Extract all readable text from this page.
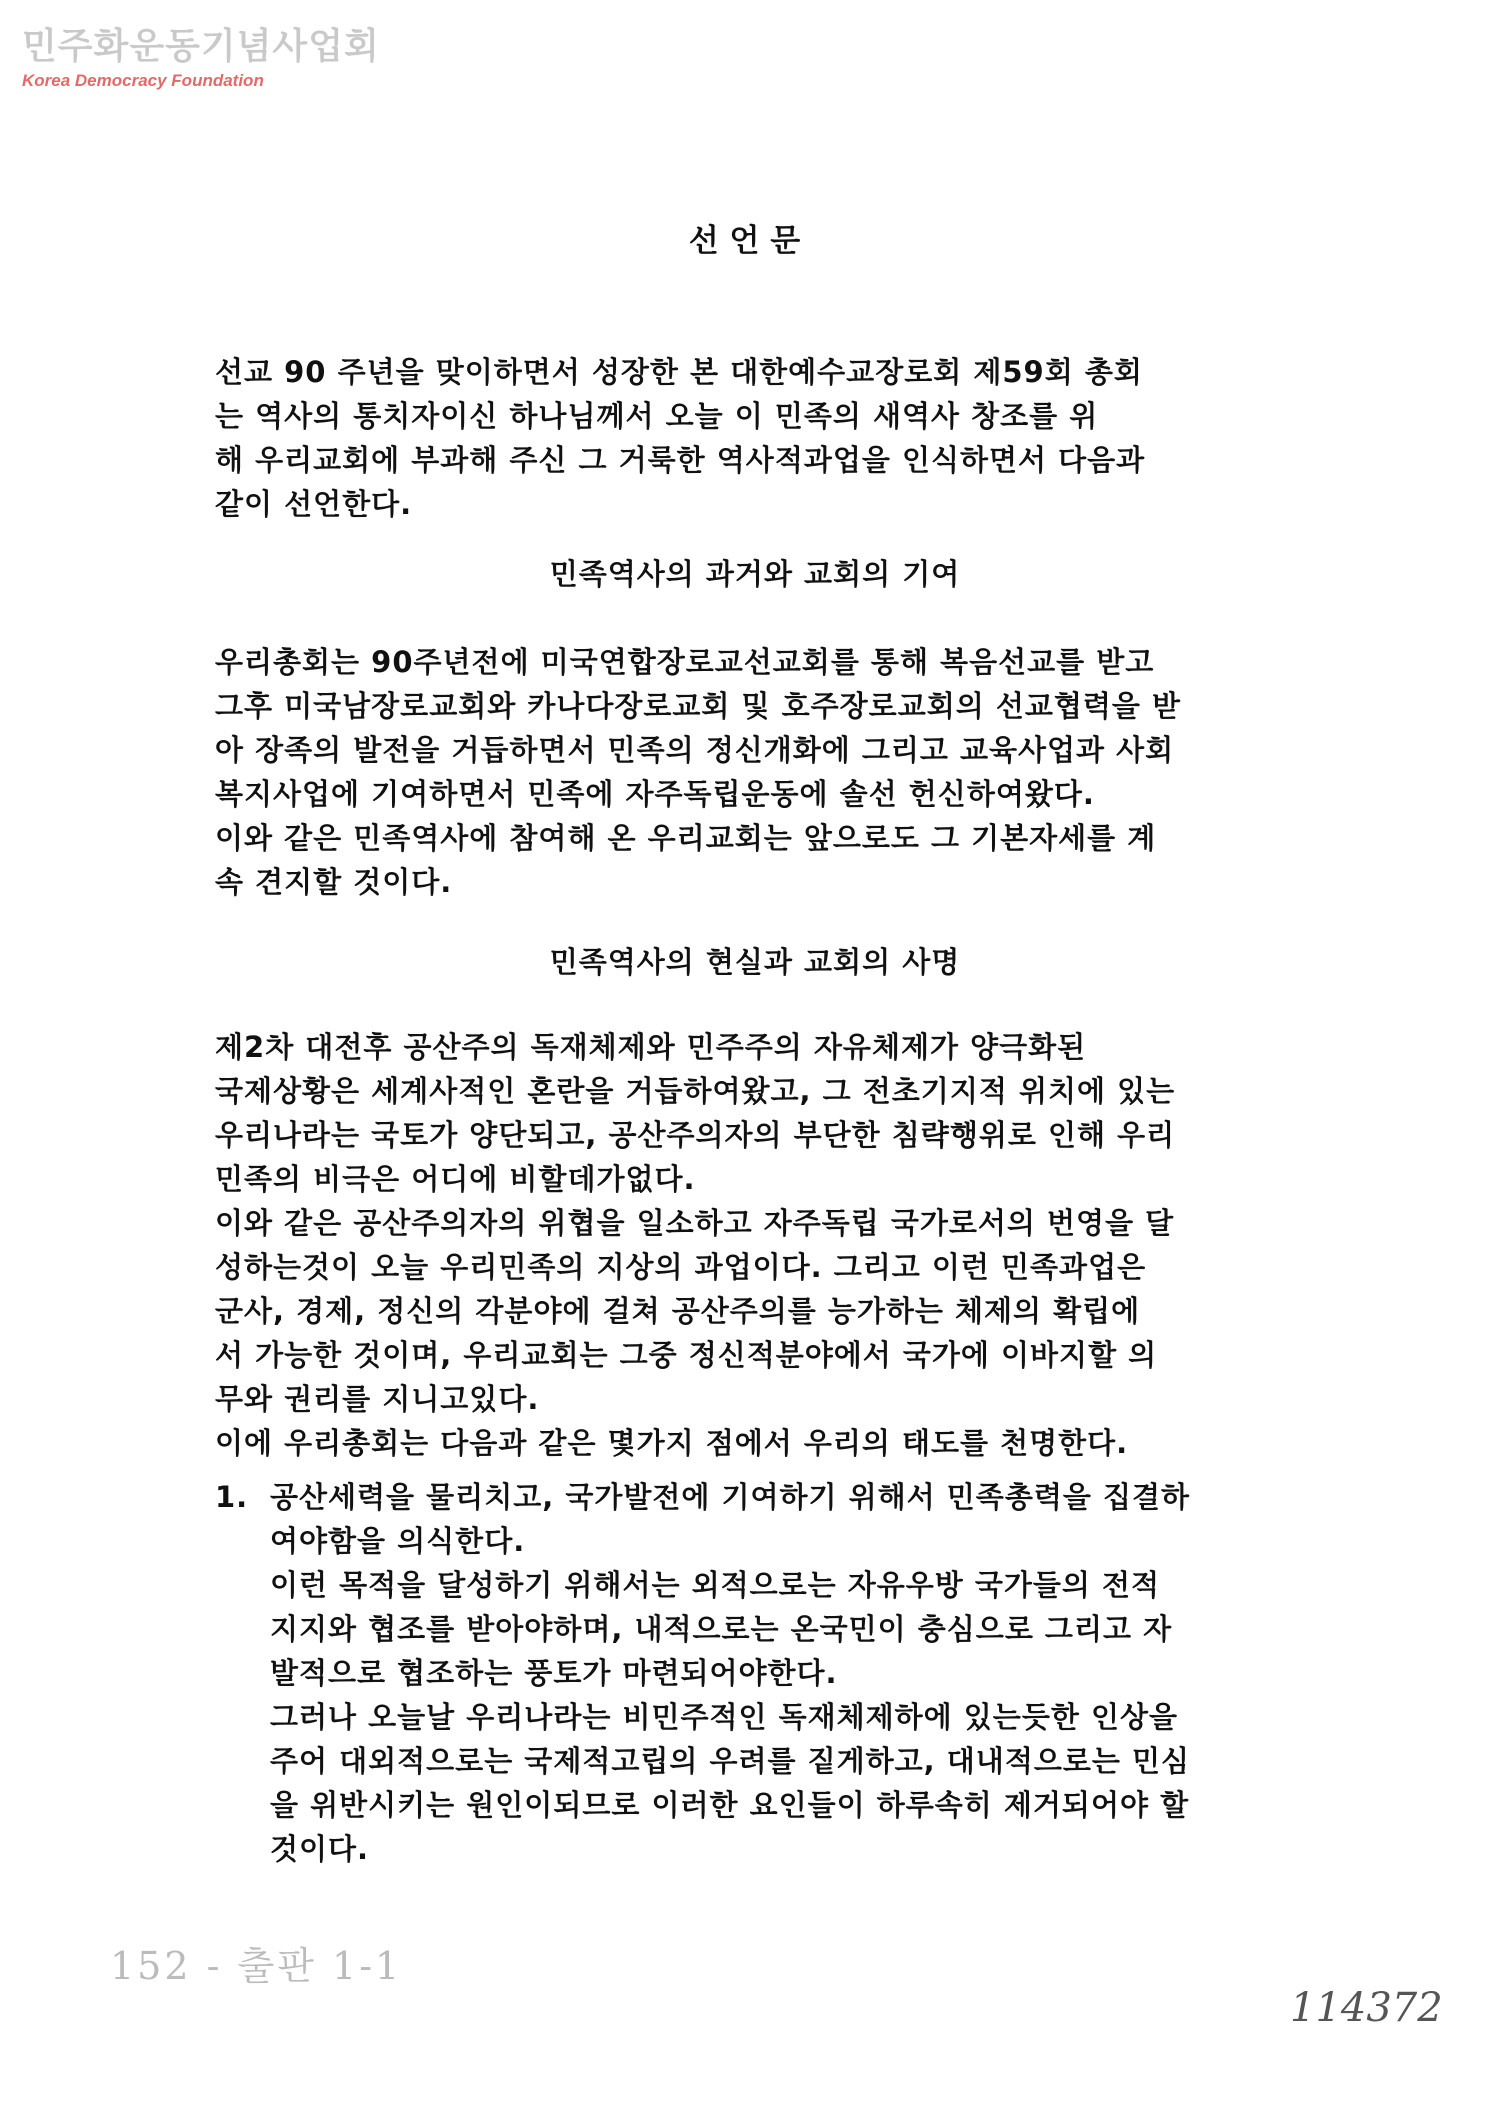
민주화운동기념사업회
Korea Democracy Foundation
선 언 문

선교 90 주년을 맞이하면서 성장한 본 대한예수교장로회 제59회 총회

는 역사의 통치자이신 하나님께서 오늘 이 민족의 새역사 창조를 위

해 우리교회에 부과해 주신 그 거룩한 역사적과업을 인식하면서 다음과

같이 선언한다.

민족역사의 과거와 교회의 기여

우리총회는 90주년전에 미국연합장로교선교회를 통해 복음선교를 받고

그후 미국남장로교회와 카나다장로교회 및 호주장로교회의 선교협력을 받

아 장족의 발전을 거듭하면서 민족의 정신개화에 그리고 교육사업과 사회

복지사업에 기여하면서 민족에 자주독립운동에 솔선 헌신하여왔다.

이와 같은 민족역사에 참여해 온 우리교회는 앞으로도 그 기본자세를 계

속 견지할 것이다.

민족역사의 현실과 교회의 사명

제2차 대전후 공산주의 독재체제와 민주주의 자유체제가 양극화된

국제상황은 세계사적인 혼란을 거듭하여왔고, 그 전초기지적 위치에 있는

우리나라는 국토가 양단되고, 공산주의자의 부단한 침략행위로 인해 우리

민족의 비극은 어디에 비할데가없다.

이와 같은 공산주의자의 위협을 일소하고 자주독립 국가로서의 번영을 달

성하는것이 오늘 우리민족의 지상의 과업이다. 그리고 이런 민족과업은

군사, 경제, 정신의 각분야에 걸쳐 공산주의를 능가하는 체제의 확립에

서 가능한 것이며, 우리교회는 그중 정신적분야에서 국가에 이바지할 의

무와 권리를 지니고있다.

이에 우리총회는 다음과 같은 몇가지 점에서 우리의 태도를 천명한다.

1. 공산세력을 물리치고, 국가발전에 기여하기 위해서 민족총력을 집결하

여야함을 의식한다.

이런 목적을 달성하기 위해서는 외적으로는 자유우방 국가들의 전적

지지와 협조를 받아야하며, 내적으로는 온국민이 충심으로 그리고 자

발적으로 협조하는 풍토가 마련되어야한다.

그러나 오늘날 우리나라는 비민주적인 독재체제하에 있는듯한 인상을

주어 대외적으로는 국제적고립의 우려를 짙게하고, 대내적으로는 민심

을 위반시키는 원인이되므로 이러한 요인들이 하루속히 제거되어야 할

것이다.

152 - 출판 1-1
114372
